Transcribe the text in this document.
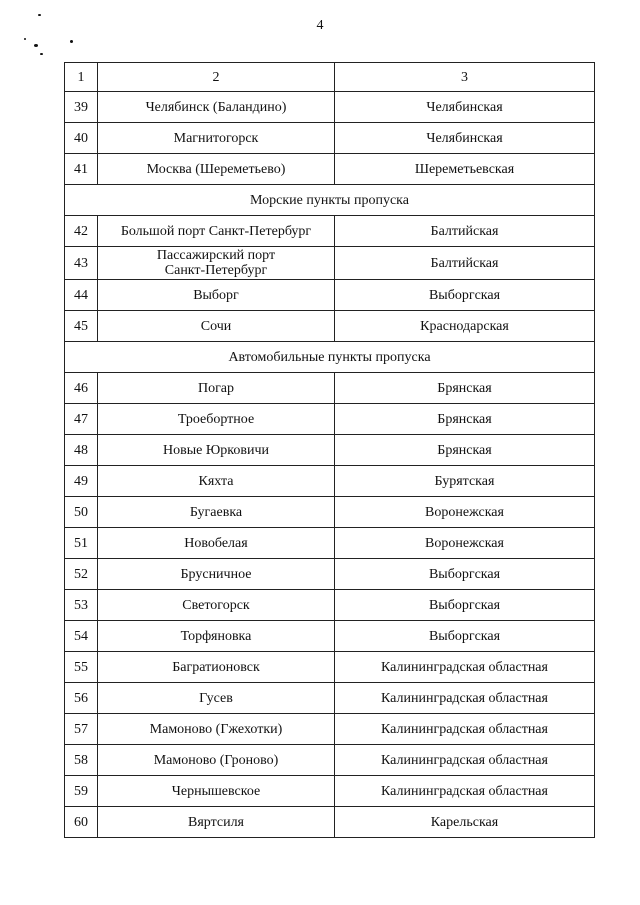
4
1	2	3
39	Челябинск (Баландино)	Челябинская
40	Магнитогорск	Челябинская
41	Москва (Шереметьево)	Шереметьевская
Морские пункты пропуска		
42	Большой порт Санкт-Петербург	Балтийская
43	Пассажирский порт
Санкт-Петербург	Балтийская
44	Выборг	Выборгская
45	Сочи	Краснодарская
Автомобильные пункты пропуска		
46	Погар	Брянская
47	Троебортное	Брянская
48	Новые Юрковичи	Брянская
49	Кяхта	Бурятская
50	Бугаевка	Воронежская
51	Новобелая	Воронежская
52	Брусничное	Выборгская
53	Светогорск	Выборгская
54	Торфяновка	Выборгская
55	Багратионовск	Калининградская областная
56	Гусев	Калининградская областная
57	Мамоново (Гжехотки)	Калининградская областная
58	Мамоново (Гроново)	Калининградская областная
59	Чернышевское	Калининградская областная
60	Вяртсиля	Карельская
